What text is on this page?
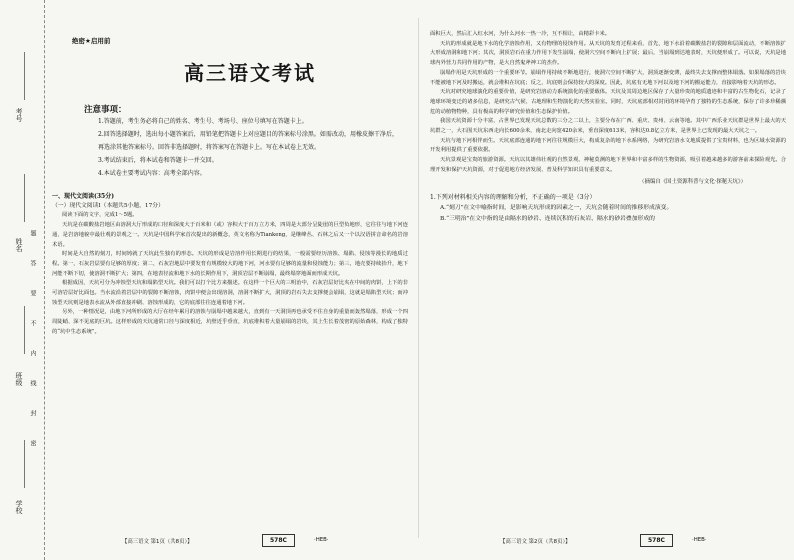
学校
班级
姓名
考号
密
封
线
内
不
要
答
题
绝密★启用前
高三语文考试
注意事项：

1.答题前，考生务必将自己的姓名、考生号、考场号、座位号填写在答题卡上。

2.回答选择题时，选出每小题答案后，用铅笔把答题卡上对应题目的答案标号涂黑。如需改动，用橡皮擦干净后，再选涂其他答案标号。回答非选择题时，将答案写在答题卡上。写在本试卷上无效。

3.考试结束后，将本试卷和答题卡一并交回。

4.本试卷主要考试内容：高考全部内容。

一、现代文阅读(35分)

（一）现代文阅读Ⅰ（本题共5小题，17分）

阅读下面的文字，完成1～5题。

天坑是在碳酸盐岩地区由溶洞大厅形成的口径和深度大于百米和（或）容积大于百万立方米，四周是大部分呈陡崖的巨型负地形，它往往与地下河连通，是岩溶地貌中最壮观的景观之一。天坑是中国科学家首次提出的新概念，英文名称为Tiankeng，是继峰丛、石林之后又一个以汉语拼音命名的岩溶术语。

时间是大自然的刻刀，时间铸就了天坑此生独有的形态。天坑的形成是岩溶作用长期进行的结果，一般需要经历溶蚀、塌陷、侵蚀等漫长的地质过程。第一，石灰岩层要有足够的厚度；第二，石灰岩地层中要发育有规模较大的地下河，河水要有足够的流量和侵蚀能力；第三，地壳要持续抬升，地下河能不断下切，使溶洞不断扩大；第四，在地表径流和地下水的长期作用下，洞顶岩层不断崩塌，最终塌穿地面而形成天坑。

根据成因，天坑可分为冲蚀型天坑和塌陷型天坑。我们可以打个比方来描述。在这样一个巨大的三明治中，石灰岩层好比夹在中间的肉饼，上下的非可溶岩层好比面包。当水流沿着岩层中的裂隙不断溶蚀，肉饼中便会出现溶洞，溶洞不断扩大，洞顶的岩石失去支撑便会崩塌，这就是塌陷型天坑；而冲蚀型天坑则是地表水流从外部直接冲刷、溶蚀形成的，它的底部往往连通着地下河。

另外，一种情况是，由地下河所形成的大厅在经年累月的溶蚀与崩塌中越来越大，直到有一天洞顶再也承受不住自身的重量而轰然塌落，形成一个四周陡峭、深不见底的巨坑。这样形成的天坑通常口径与深度相近，坑壁近乎垂直，坑底堆积着大量崩塌的岩块，其上生长着茂密的原始森林，构成了独特的“坑中生态系统”。

【高三语文 第1页（共8页）】	578C	·HEB·

面积巨大，然后汇入红水河，为什么河水一热一冷，互不相让，由精彩卡米。

天坑的形成就是地下水的化学溶蚀作用，又有物理的侵蚀作用。从天坑的发育过程来看，首先，地下水沿着碳酸盐岩的裂隙和层面流动，不断溶蚀扩大形成溶洞和地下河；其次，洞顶岩石在重力作用下发生崩塌，使洞穴空间不断向上扩展；最后，当崩塌到达地表时，天坑便形成了。可以说，天坑是地球内外营力共同作用的产物，是大自然鬼斧神工的杰作。

崩塌作用是天坑形成的一个重要环节。崩塌作用持续不断地进行，使洞穴空间不断扩大，洞顶逐渐变薄，最终失去支撑而整体塌落。如果塌落的岩块不能被地下河及时搬运，就会堆积在坑底；反之，坑底则会保持较大的深度。因此，坑底有无地下河以及地下河的搬运能力，直接影响着天坑的形态。

天坑对研究地球演化的重要价值，是研究岩溶动力系统演化的重要载体。天坑及其周边地区保存了大量珍贵的地质遗迹和丰富的古生物化石，记录了地球环境变迁的诸多信息，是研究古气候、古地理和生物演化的天然实验室。同时，天坑底部相对封闭的环境孕育了独特的生态系统，保存了许多珍稀濒危的动植物物种，具有极高的科学研究价值和生态保护价值。

我国天坑资源十分丰富，占世界已发现天坑总数的三分之二以上，主要分布在广西、重庆、贵州、云南等地。其中广西乐业天坑群是世界上最大的天坑群之一，大石围天坑东西走向长600余米，南北走向宽420余米，垂直深度613米，容积达0.8亿立方米，是世界上已发现的最大天坑之一。

天坑与地下河相伴而生。天坑底部连通的地下河往往规模巨大，构成复杂的地下水系网络，为研究岩溶水文地质提供了宝贵材料，也为区域水资源的开发利用提供了重要依据。

天坑景观是宝贵的旅游资源。天坑以其雄伟壮观的自然景观、神秘莫测的地下世界和丰富多样的生物资源，吸引着越来越多的游客前来探险观光。合理开发和保护天坑资源，对于促进地方经济发展、普及科学知识具有重要意义。

（摘编自《国土资源科普与文化·探秘天坑》）

1.下列对材料相关内容的理解和分析，不正确的一项是（3分）

A.“刻刀”在文中喻指时间，是影响天坑形成的因素之一，天坑会随着时间的推移形成演变。

B.“三明治”在文中指的是由隔水的砂岩、连续沉积的石灰岩、隔水的砂岩叠加形成的

【高三语文 第2页（共8页）】	578C	·HEB·
